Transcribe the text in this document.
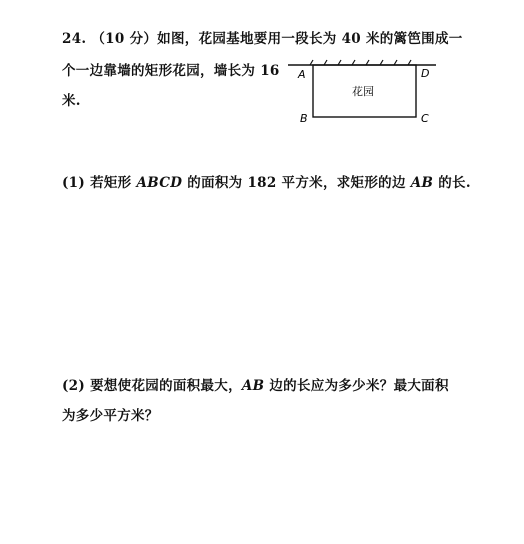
24. （10 分）如图，花园基地要用一段长为 40 米的篱笆围成一
个一边靠墙的矩形花园，墙长为 16
米.
A	D
B	C
花园
(1) 若矩形 ABCD 的面积为 182 平方米，求矩形的边 AB 的长.
(2) 要想使花园的面积最大，AB 边的长应为多少米？最大面积
为多少平方米？
